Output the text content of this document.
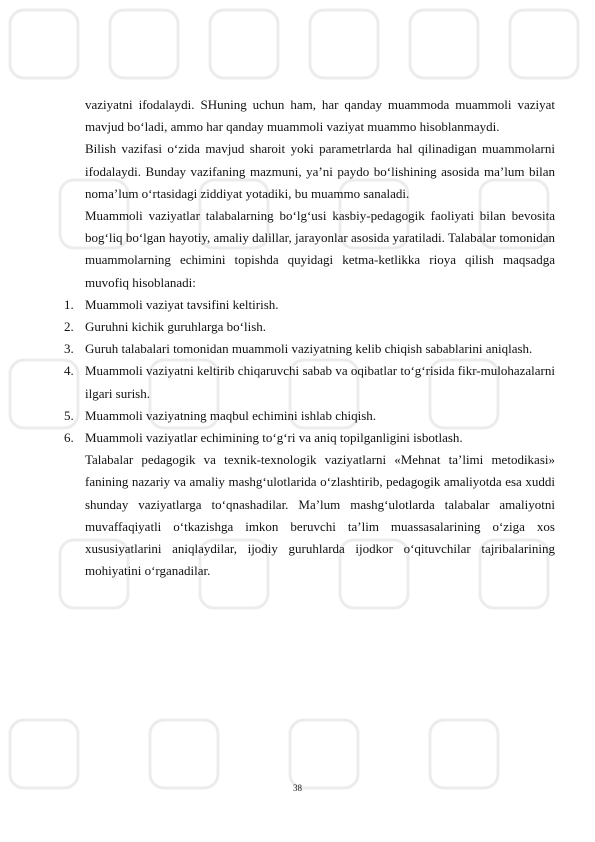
vaziyatni ifodalaydi. SHuning uchun ham, har qanday muammoda muammoli vaziyat mavjud bo‘ladi, ammo har qanday muammoli vaziyat muammo hisoblanmaydi.

Bilish vazifasi o‘zida mavjud sharoit yoki parametrlarda hal qilinadigan muammolarni ifodalaydi. Bunday vazifaning mazmuni, ya’ni paydo bo‘lishining asosida ma’lum bilan noma’lum o‘rtasidagi ziddiyat yotadiki, bu muammo sanaladi.

Muammoli vaziyatlar talabalarning bo‘lg‘usi kasbiy-pedagogik faoliyati bilan bevosita bog‘liq bo‘lgan hayotiy, amaliy dalillar, jarayonlar asosida yaratiladi. Talabalar tomonidan muammolarning echimini topishda quyidagi ketma-ketlikka rioya qilish maqsadga muvofiq hisoblanadi:

1. Muammoli vaziyat tavsifini keltirish.
2. Guruhni kichik guruhlarga bo‘lish.
3. Guruh talabalari tomonidan muammoli vaziyatning kelib chiqish sabablarini aniqlash.
4. Muammoli vaziyatni keltirib chiqaruvchi sabab va oqibatlar to‘g‘risida fikr-mulohazalarni ilgari surish.
5. Muammoli vaziyatning maqbul echimini ishlab chiqish.
6. Muammoli vaziyatlar echimining to‘g‘ri va aniq topilganligini isbotlash.

Talabalar pedagogik va texnik-texnologik vaziyatlarni «Mehnat ta’limi metodikasi» fanining nazariy va amaliy mashg‘ulotlarida o‘zlashtirib, pedagogik amaliyotda esa xuddi shunday vaziyatlarga to‘qnashadilar. Ma’lum mashg‘ulotlarda talabalar amaliyotni muvaffaqiyatli o‘tkazishga imkon beruvchi ta’lim muassasalarining o‘ziga xos xususiyatlarini aniqlaydilar, ijodiy guruhlarda ijodkor o‘qituvchilar tajribalarining mohiyatini o‘rganadilar.

38
